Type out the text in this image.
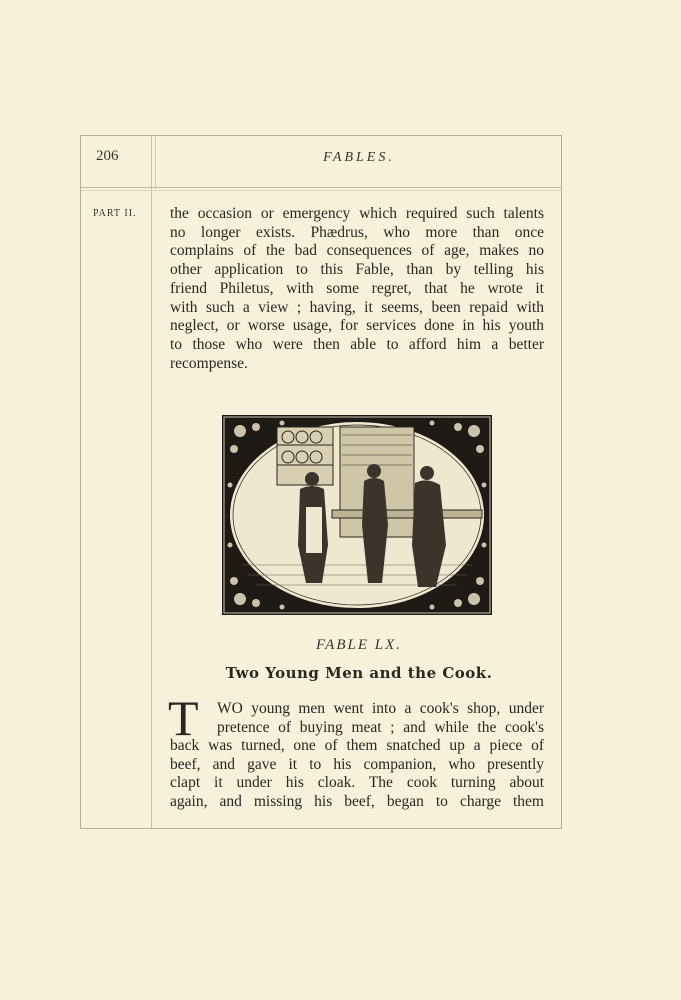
206	FABLES.
PART II. the occasion or emergency which required such talents
no longer exists. Phædrus, who more than once
complains of the bad consequences of age, makes no
other application to this Fable, than by telling his
friend Philetus, with some regret, that he wrote it
with such a view ; having, it seems, been repaid with
neglect, or worse usage, for services done in his youth
to those who were then able to afford him a better
recompense.
FABLE LX.
Two Young Men and the Cook.
T WO young men went into a cook's shop, under
pretence of buying meat ; and while the cook's
back was turned, one of them snatched up a piece of
beef, and gave it to his companion, who presently
clapt it under his cloak. The cook turning about
again, and missing his beef, began to charge them
